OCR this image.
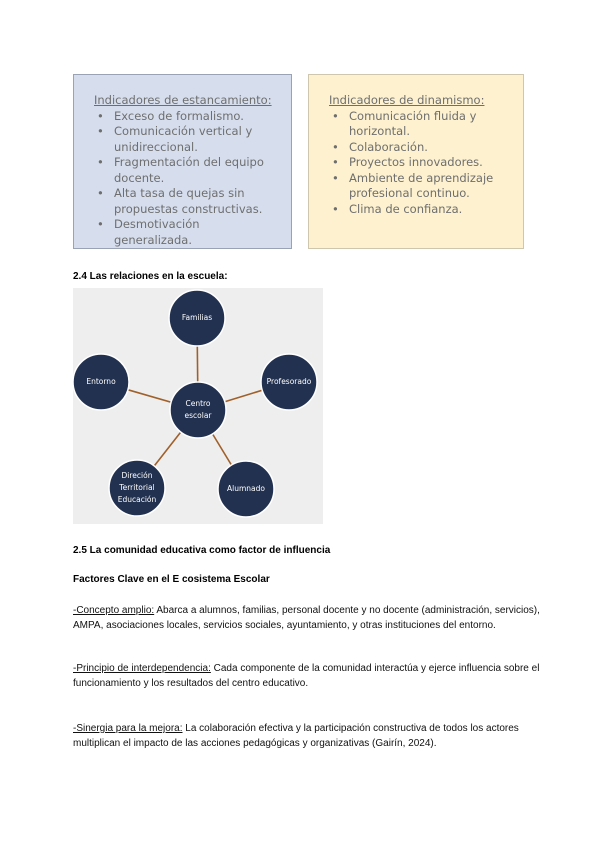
Indicadores de estancamiento:
• Exceso de formalismo.
• Comunicación vertical y unidireccional.
• Fragmentación del equipo docente.
• Alta tasa de quejas sin propuestas constructivas.
• Desmotivación generalizada.
Indicadores de dinamismo:
• Comunicación fluida y horizontal.
• Colaboración.
• Proyectos innovadores.
• Ambiente de aprendizaje profesional continuo.
• Clima de confianza.
2.4 Las relaciones en la escuela:
Centro
escolar
Familias
Profesorado
Alumnado
Direción
Territorial
Educación
Entorno
2.5 La comunidad educativa como factor de influencia
Factores Clave en el E cosistema Escolar
-Concepto amplio: Abarca a alumnos, familias, personal docente y no docente (administración, servicios), AMPA, asociaciones locales, servicios sociales, ayuntamiento, y otras instituciones del entorno.
-Principio de interdependencia: Cada componente de la comunidad interactúa y ejerce influencia sobre el funcionamiento y los resultados del centro educativo.
-Sinergia para la mejora: La colaboración efectiva y la participación constructiva de todos los actores multiplican el impacto de las acciones pedagógicas y organizativas (Gairín, 2024).
